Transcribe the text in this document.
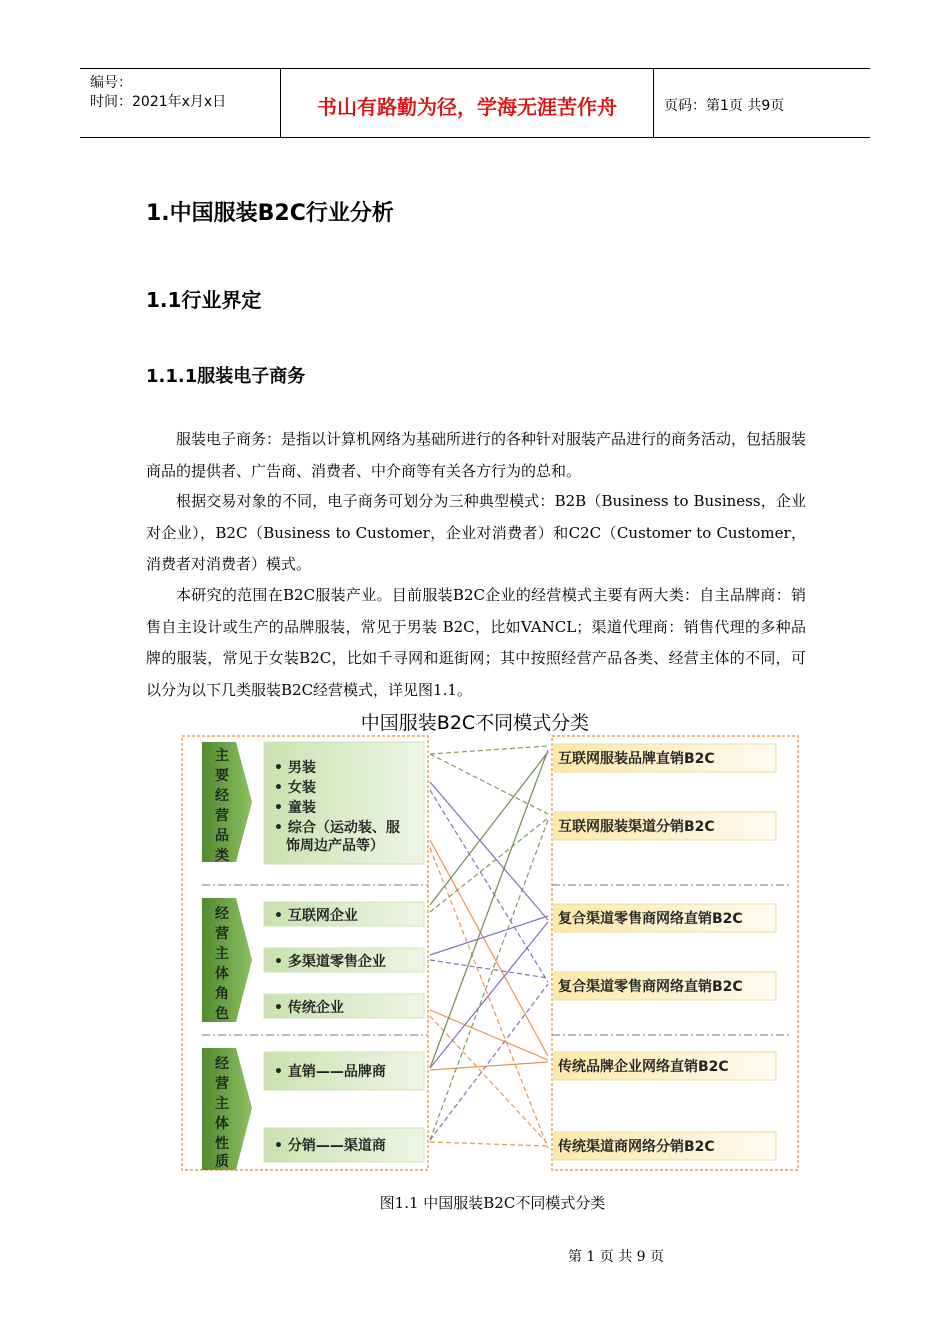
编号：
时间：2021年x月x日	书山有路勤为径，学海无涯苦作舟	页码：第1页 共9页
1.中国服装B2C行业分析
1.1行业界定
1.1.1服装电子商务

服装电子商务：是指以计算机网络为基础所进行的各种针对服装产品进行的商务活动，包括服装商品的提供者、广告商、消费者、中介商等有关各方行为的总和。

根据交易对象的不同，电子商务可划分为三种典型模式：B2B（Business to Business，企业对企业），B2C（Business to Customer，企业对消费者）和C2C（Customer to Customer，消费者对消费者）模式。

本研究的范围在B2C服装产业。目前服装B2C企业的经营模式主要有两大类：自主品牌商：销售自主设计或生产的品牌服装，常见于男装 B2C，比如VANCL；渠道代理商：销售代理的多种品牌的服装，常见于女装B2C，比如千寻网和逛街网；其中按照经营产品各类、经营主体的不同，可以分为以下几类服装B2C经营模式，详见图1.1。

中国服装B2C不同模式分类
主
要
经
营
品
类
经
营
主
体
角
色
经
营
主
体
性
质
• 男装
• 女装
• 童装
• 综合（运动装、服
饰周边产品等）
• 互联网企业
• 多渠道零售企业
• 传统企业
• 直销——品牌商
• 分销——渠道商
互联网服装品牌直销B2C
互联网服装渠道分销B2C
复合渠道零售商网络直销B2C
复合渠道零售商网络直销B2C
传统品牌企业网络直销B2C
传统渠道商网络分销B2C
图1.1 中国服装B2C不同模式分类
第 1 页 共 9 页
